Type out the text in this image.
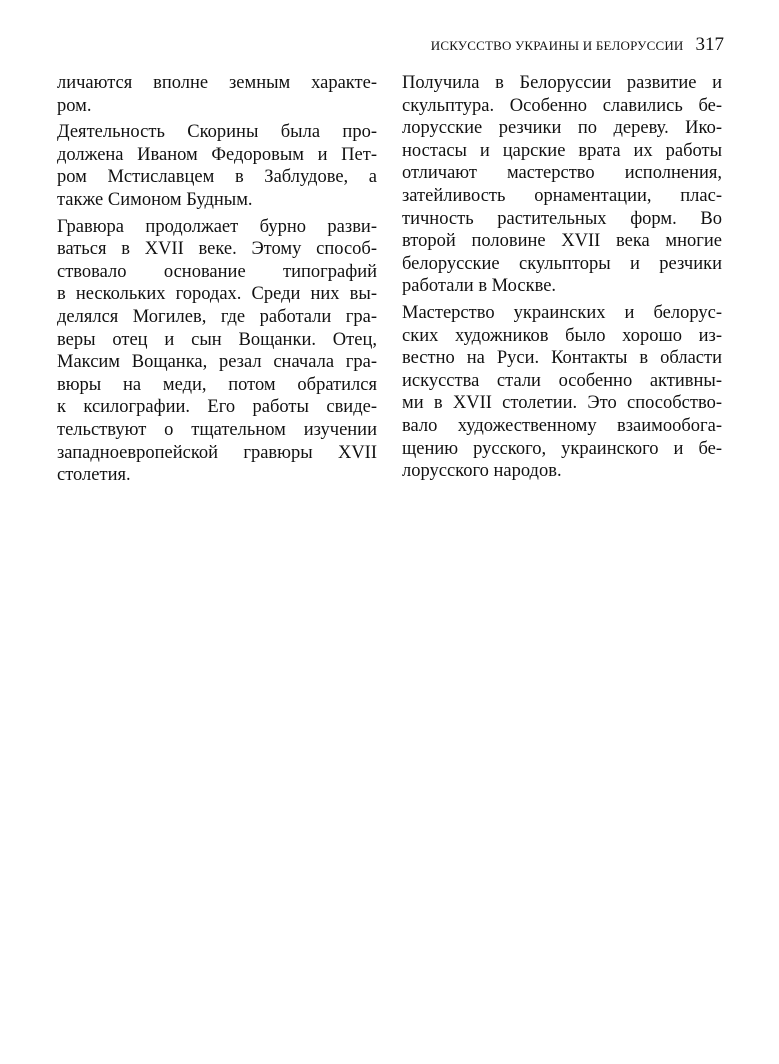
ИСКУССТВО УКРАИНЫ И БЕЛОРУССИИ 317

личаются вполне земным характе-
ром.

Деятельность Скорины была про-
должена Иваном Федоровым и Пет-
ром Мстиславцем в Заблудове, а
также Симоном Будным.

Гравюра продолжает бурно разви-
ваться в XVII веке. Этому способ-
ствовало основание типографий
в нескольких городах. Среди них вы-
делялся Могилев, где работали гра-
веры отец и сын Вощанки. Отец,
Максим Вощанка, резал сначала гра-
вюры на меди, потом обратился
к ксилографии. Его работы свиде-
тельствуют о тщательном изучении
западноевропейской гравюры XVII
столетия.

Получила в Белоруссии развитие и
скульптура. Особенно славились бе-
лорусские резчики по дереву. Ико-
ностасы и царские врата их работы
отличают мастерство исполнения,
затейливость орнаментации, плас-
тичность растительных форм. Во
второй половине XVII века многие
белорусские скульпторы и резчики
работали в Москве.

Мастерство украинских и белорус-
ских художников было хорошо из-
вестно на Руси. Контакты в области
искусства стали особенно активны-
ми в XVII столетии. Это способство-
вало художественному взаимообога-
щению русского, украинского и бе-
лорусского народов.
